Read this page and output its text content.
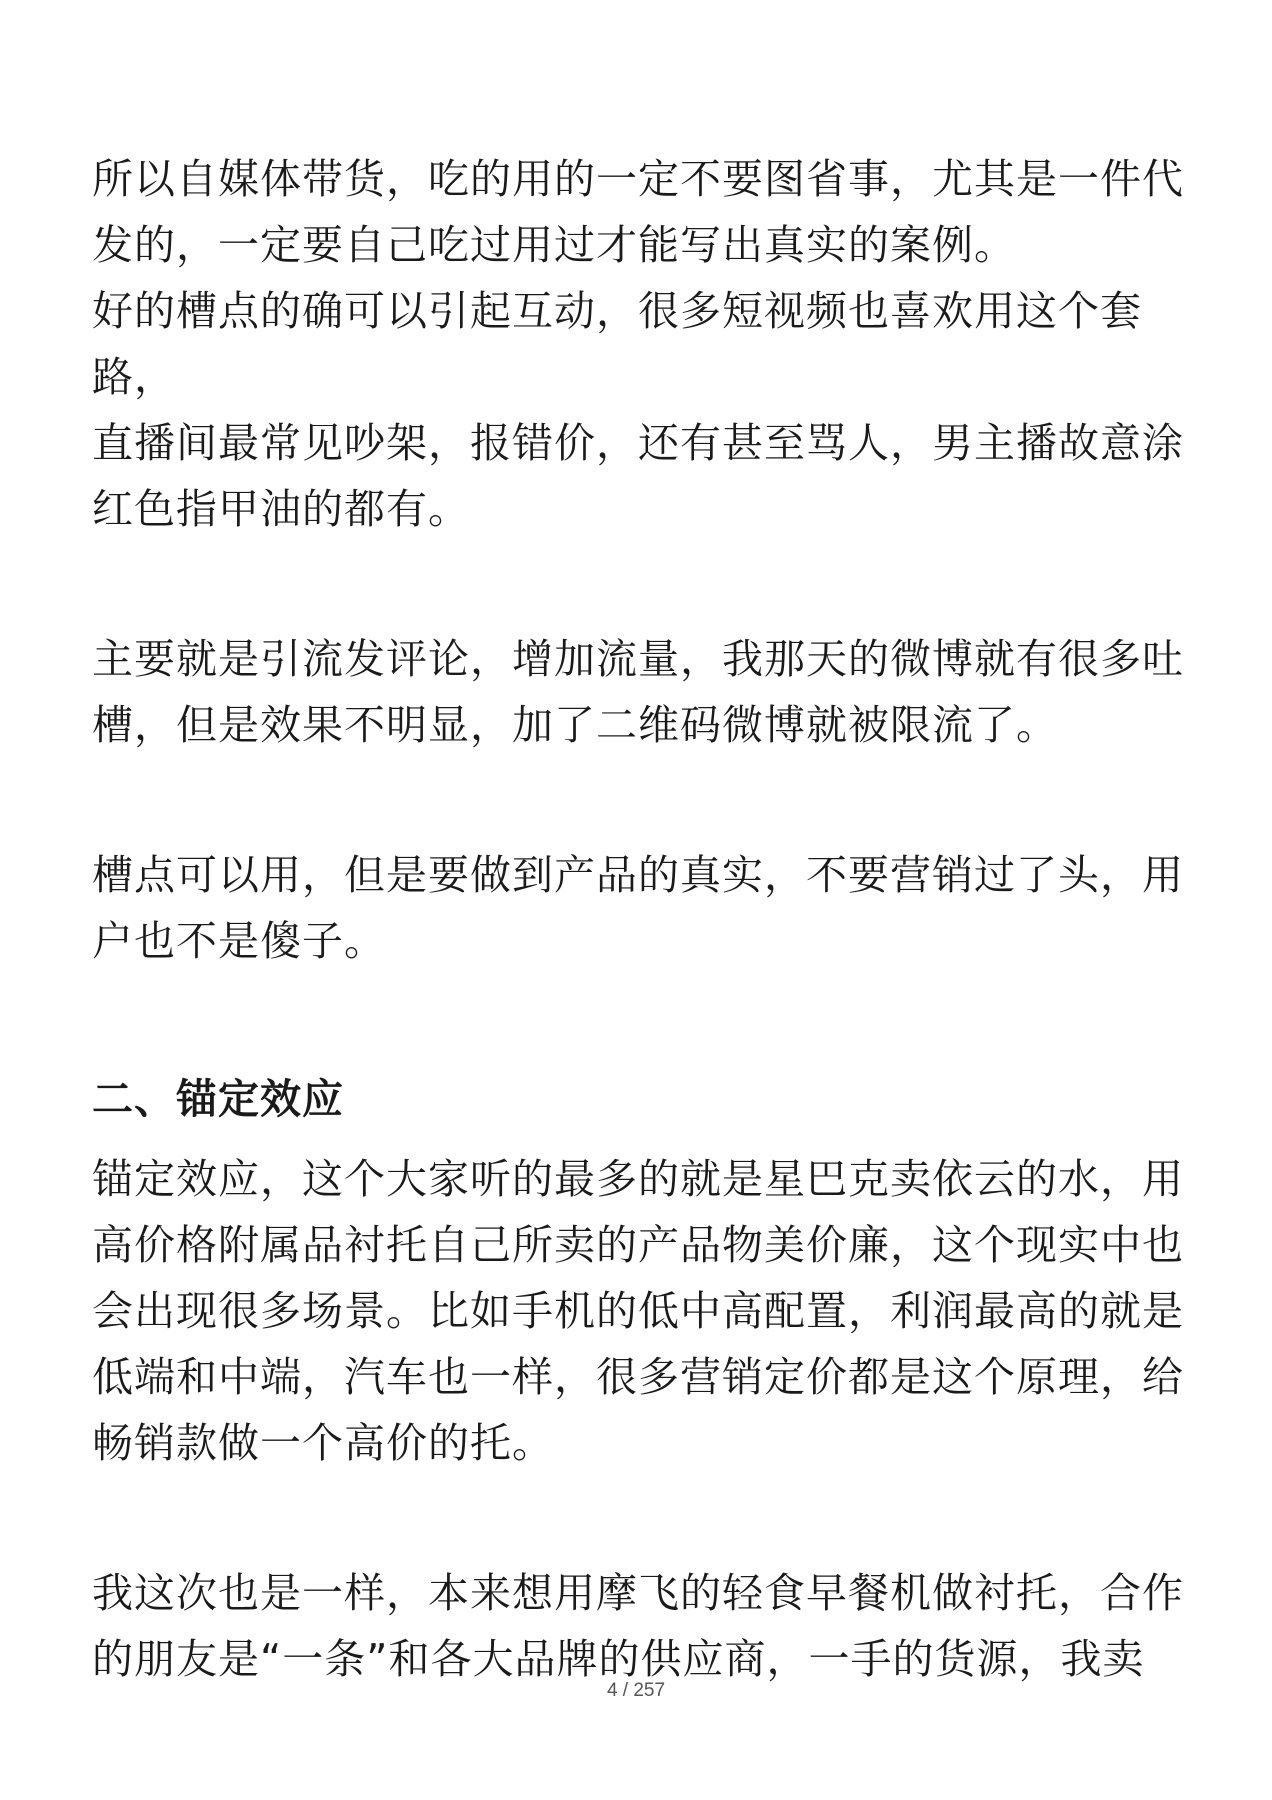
所以自媒体带货，吃的用的一定不要图省事，尤其是一件代
发的，一定要自己吃过用过才能写出真实的案例。
好的槽点的确可以引起互动，很多短视频也喜欢用这个套路，
直播间最常见吵架，报错价，还有甚至骂人，男主播故意涂
红色指甲油的都有。

主要就是引流发评论，增加流量，我那天的微博就有很多吐
槽，但是效果不明显，加了二维码微博就被限流了。

槽点可以用，但是要做到产品的真实，不要营销过了头，用
户也不是傻子。

二、锚定效应

锚定效应，这个大家听的最多的就是星巴克卖依云的水，用
高价格附属品衬托自己所卖的产品物美价廉，这个现实中也
会出现很多场景。比如手机的低中高配置，利润最高的就是
低端和中端，汽车也一样，很多营销定价都是这个原理，给
畅销款做一个高价的托。

我这次也是一样，本来想用摩飞的轻食早餐机做衬托，合作
的朋友是“一条”和各大品牌的供应商，一手的货源，我卖

4 / 257
